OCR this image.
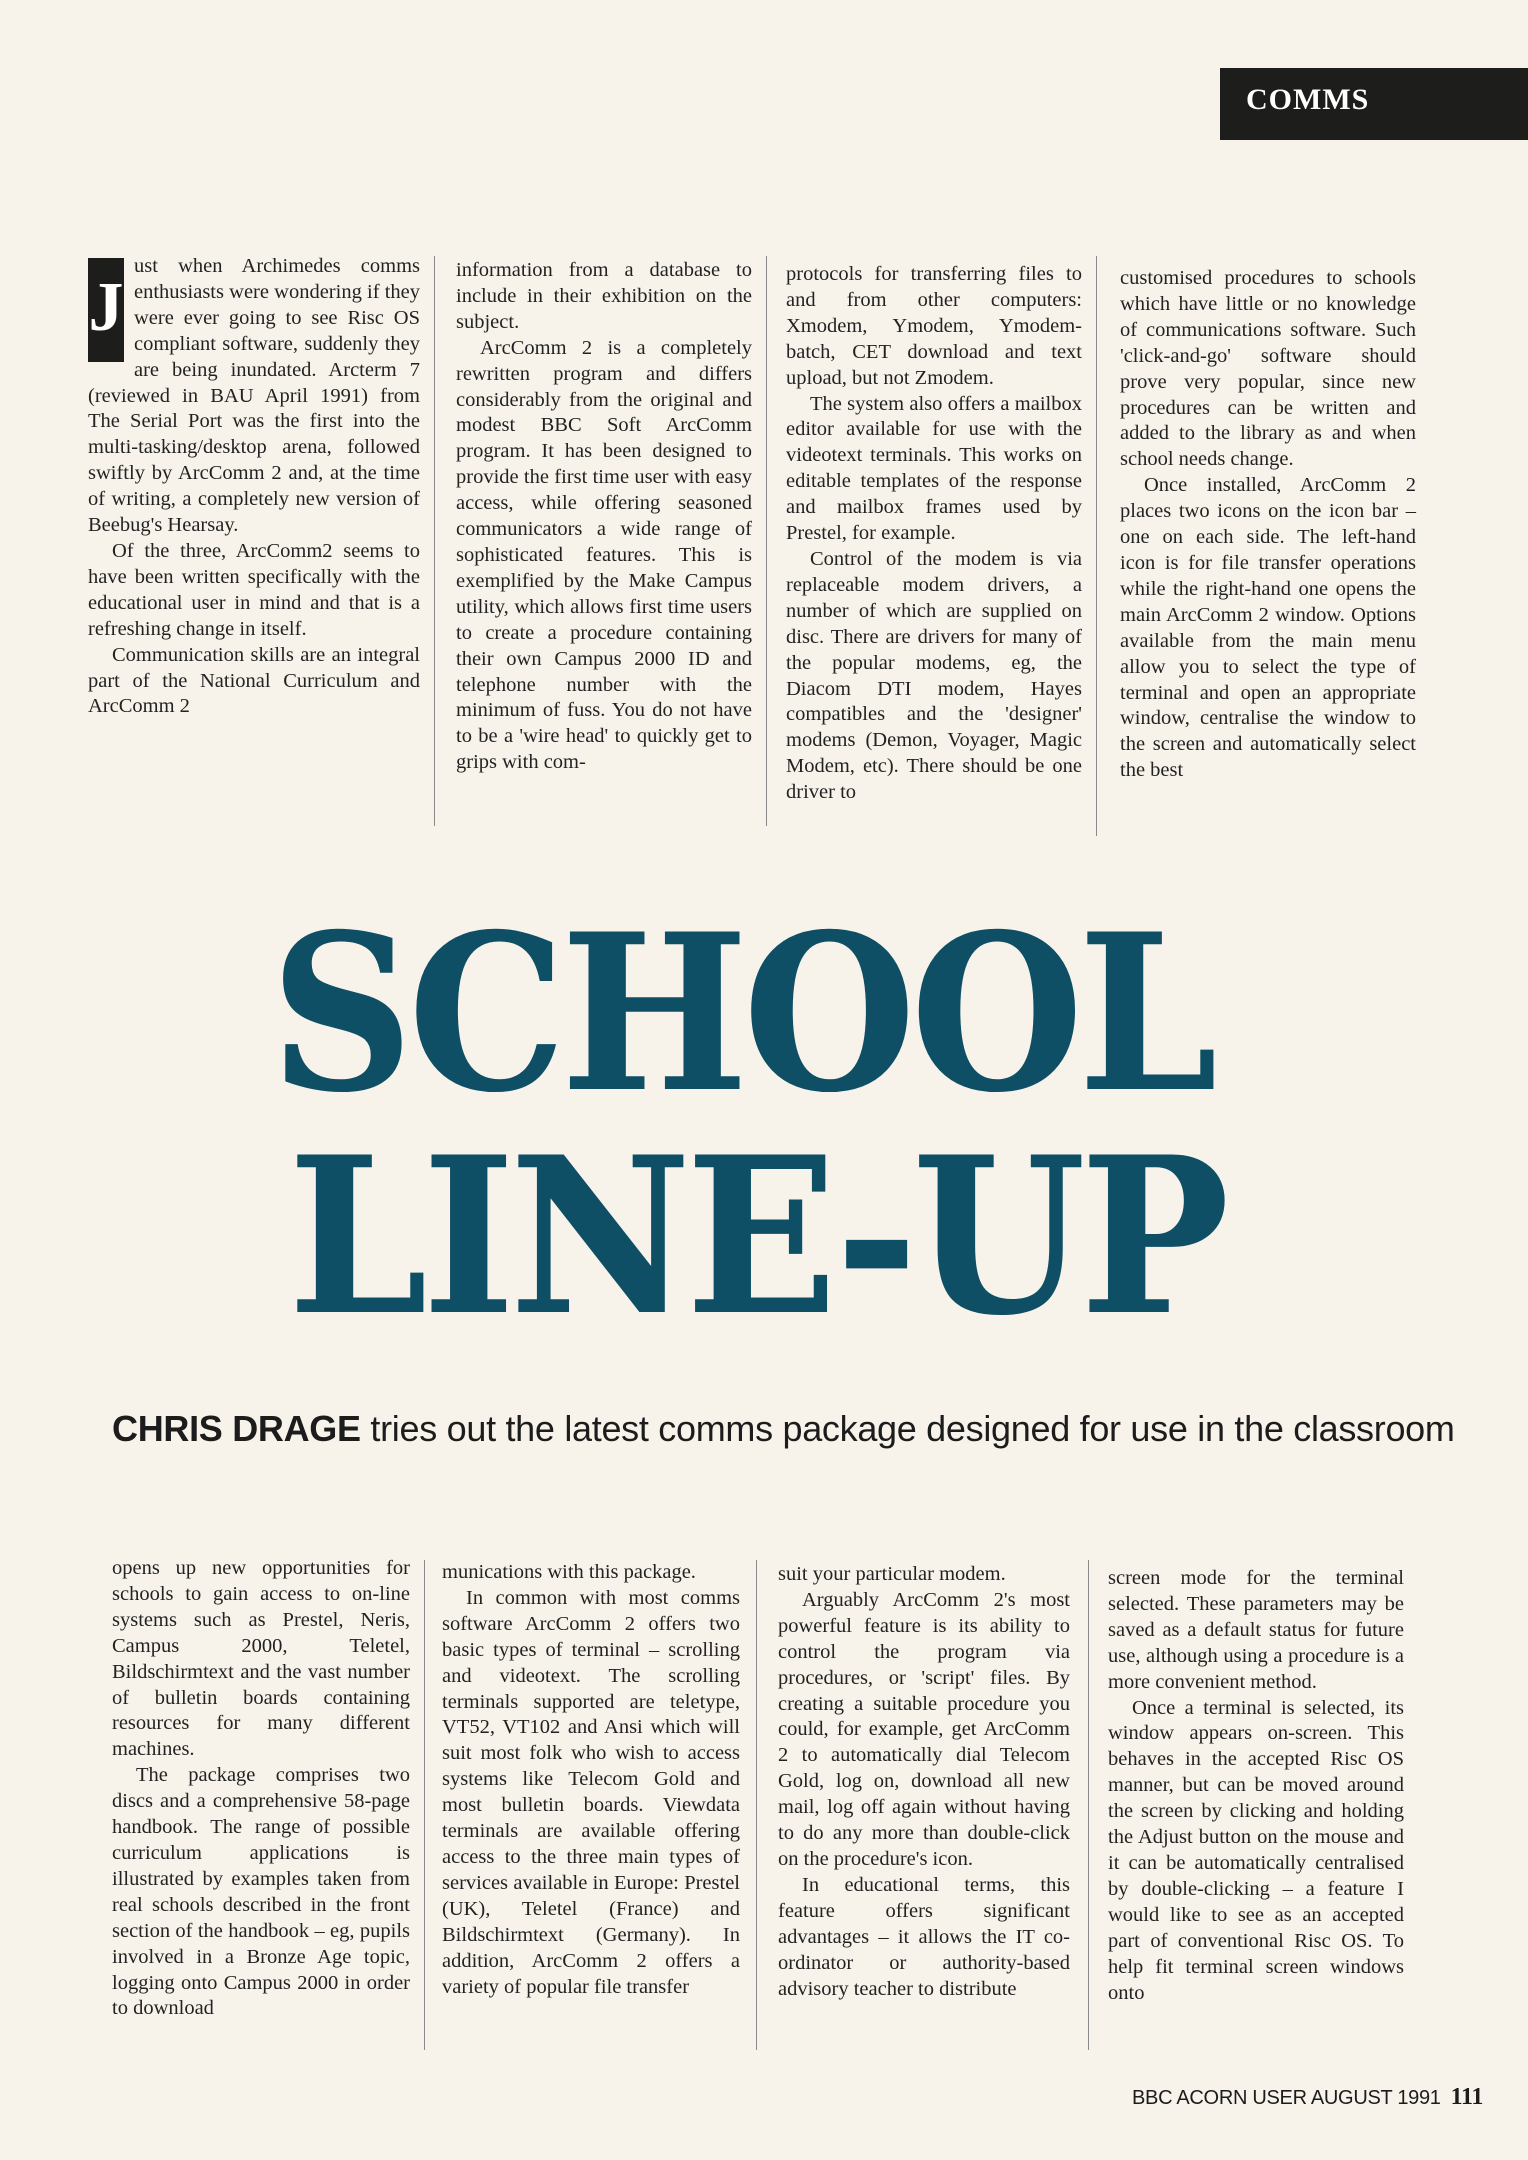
COMMS
J

ust when Archimedes comms enthusiasts were wondering if they were ever going to see Risc OS compliant software, suddenly they are being inundated. Arcterm 7 (reviewed in BAU April 1991) from The Serial Port was the first into the multi-tasking/desktop arena, followed swiftly by ArcComm 2 and, at the time of writing, a completely new version of Beebug's Hearsay.

Of the three, ArcComm2 seems to have been written specifically with the educational user in mind and that is a refreshing change in itself.

Communication skills are an integral part of the National Curriculum and ArcComm 2

information from a database to include in their exhibition on the subject.

ArcComm 2 is a completely rewritten program and differs considerably from the original and modest BBC Soft ArcComm program. It has been designed to provide the first time user with easy access, while offering seasoned communicators a wide range of sophisticated features. This is exemplified by the Make Campus utility, which allows first time users to create a procedure containing their own Campus 2000 ID and telephone number with the minimum of fuss. You do not have to be a 'wire head' to quickly get to grips with com-

protocols for transferring files to and from other computers: Xmodem, Ymodem, Ymodem-batch, CET download and text upload, but not Zmodem.

The system also offers a mailbox editor available for use with the videotext terminals. This works on editable templates of the response and mailbox frames used by Prestel, for example.

Control of the modem is via replaceable modem drivers, a number of which are supplied on disc. There are drivers for many of the popular modems, eg, the Diacom DTI modem, Hayes compatibles and the 'designer' modems (Demon, Voyager, Magic Modem, etc). There should be one driver to

customised procedures to schools which have little or no knowledge of communications software. Such 'click-and-go' software should prove very popular, since new procedures can be written and added to the library as and when school needs change.

Once installed, ArcComm 2 places two icons on the icon bar – one on each side. The left-hand icon is for file transfer operations while the right-hand one opens the main ArcComm 2 window. Options available from the main menu allow you to select the type of terminal and open an appropriate window, centralise the window to the screen and automatically select the best

SCHOOL
LINE-UP
CHRIS DRAGE tries out the latest comms package designed for use in the classroom

opens up new opportunities for schools to gain access to on-line systems such as Prestel, Neris, Campus 2000, Teletel, Bildschirmtext and the vast number of bulletin boards containing resources for many different machines.

The package comprises two discs and a comprehensive 58-page handbook. The range of possible curriculum applications is illustrated by examples taken from real schools described in the front section of the handbook – eg, pupils involved in a Bronze Age topic, logging onto Campus 2000 in order to download

munications with this package.

In common with most comms software ArcComm 2 offers two basic types of terminal – scrolling and videotext. The scrolling terminals supported are teletype, VT52, VT102 and Ansi which will suit most folk who wish to access systems like Telecom Gold and most bulletin boards. Viewdata terminals are available offering access to the three main types of services available in Europe: Prestel (UK), Teletel (France) and Bildschirmtext (Germany). In addition, ArcComm 2 offers a variety of popular file transfer

suit your particular modem.

Arguably ArcComm 2's most powerful feature is its ability to control the program via procedures, or 'script' files. By creating a suitable procedure you could, for example, get ArcComm 2 to automatically dial Telecom Gold, log on, download all new mail, log off again without having to do any more than double-click on the procedure's icon.

In educational terms, this feature offers significant advantages – it allows the IT co-ordinator or authority-based advisory teacher to distribute

screen mode for the terminal selected. These parameters may be saved as a default status for future use, although using a procedure is a more convenient method.

Once a terminal is selected, its window appears on-screen. This behaves in the accepted Risc OS manner, but can be moved around the screen by clicking and holding the Adjust button on the mouse and it can be automatically centralised by double-clicking – a feature I would like to see as an accepted part of conventional Risc OS. To help fit terminal screen windows onto

BBC ACORN USER AUGUST 1991 111
